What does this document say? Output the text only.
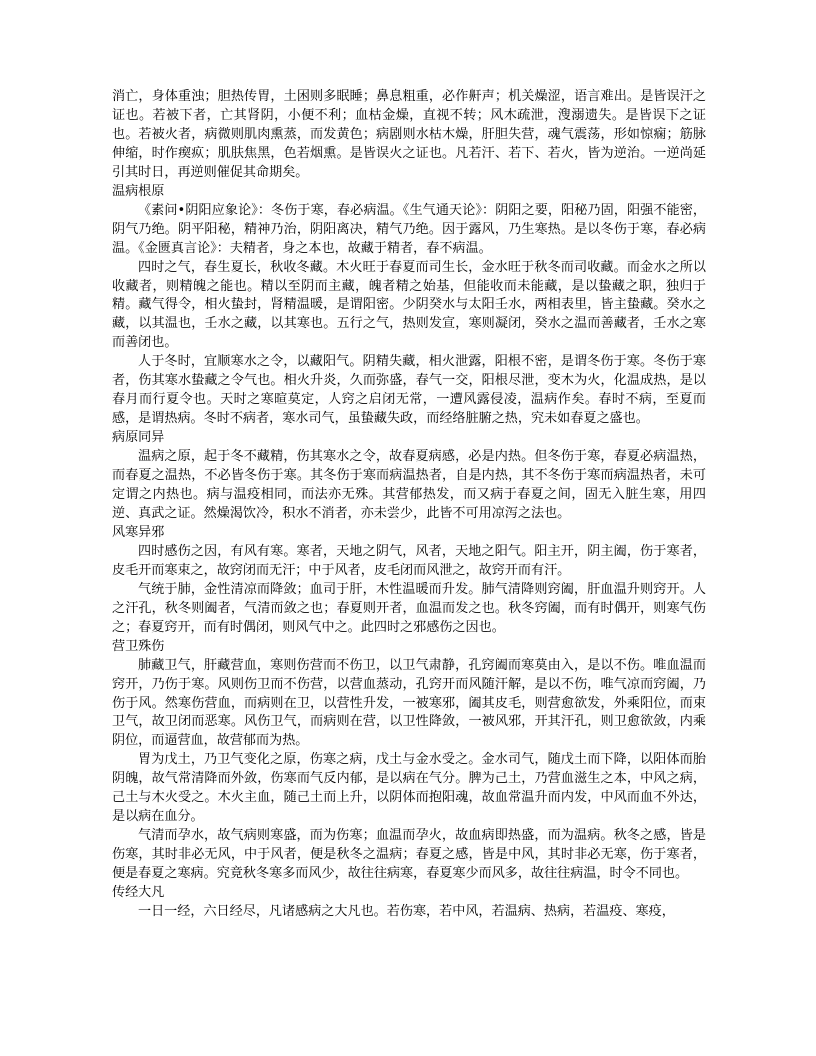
消亡，身体重浊；胆热传胃，土困则多眠睡；鼻息粗重，必作鼾声；机关燥涩，语言难出。是皆误汗之证也。若被下者，亡其肾阴，小便不利；血枯金燥，直视不转；风木疏泄，溲溺遗失。是皆误下之证也。若被火者，病微则肌肉熏蒸，而发黄色；病剧则水枯木燥，肝胆失营，魂气震荡，形如惊痫；筋脉伸缩，时作瘈疭；肌肤焦黑，色若烟熏。是皆误火之证也。凡若汗、若下、若火，皆为逆治。一逆尚延引其时日，再逆则催促其命期矣。

温病根原

《素问•阴阳应象论》：冬伤于寒，春必病温。《生气通天论》：阴阳之要，阳秘乃固，阳强不能密，阴气乃绝。阴平阳秘，精神乃治，阴阳离决，精气乃绝。因于露风，乃生寒热。是以冬伤于寒，春必病温。《金匮真言论》：夫精者，身之本也，故藏于精者，春不病温。

四时之气，春生夏长，秋收冬藏。木火旺于春夏而司生长，金水旺于秋冬而司收藏。而金水之所以收藏者，则精魄之能也。精以至阴而主藏，魄者精之始基，但能收而未能藏，是以蛰藏之职，独归于精。藏气得令，相火蛰封，肾精温暖，是谓阳密。少阴癸水与太阳壬水，两相表里，皆主蛰藏。癸水之藏，以其温也，壬水之藏，以其寒也。五行之气，热则发宣，寒则凝闭，癸水之温而善藏者，壬水之寒而善闭也。

人于冬时，宜顺寒水之令，以藏阳气。阴精失藏，相火泄露，阳根不密，是谓冬伤于寒。冬伤于寒者，伤其寒水蛰藏之令气也。相火升炎，久而弥盛，春气一交，阳根尽泄，变木为火，化温成热，是以春月而行夏令也。天时之寒暄莫定，人窍之启闭无常，一遭风露侵凌，温病作矣。春时不病，至夏而感，是谓热病。冬时不病者，寒水司气，虽蛰藏失政，而经络脏腑之热，究未如春夏之盛也。

病原同异

温病之原，起于冬不藏精，伤其寒水之令，故春夏病感，必是内热。但冬伤于寒，春夏必病温热，而春夏之温热，不必皆冬伤于寒。其冬伤于寒而病温热者，自是内热，其不冬伤于寒而病温热者，未可定谓之内热也。病与温疫相同，而法亦无殊。其营郁热发，而又病于春夏之间，固无入脏生寒，用四逆、真武之证。然燥渴饮冷，积水不消者，亦未尝少，此皆不可用凉泻之法也。

风寒异邪

四时感伤之因，有风有寒。寒者，天地之阴气，风者，天地之阳气。阳主开，阴主阖，伤于寒者，皮毛开而寒束之，故窍闭而无汗；中于风者，皮毛闭而风泄之，故窍开而有汗。

气统于肺，金性清凉而降敛；血司于肝，木性温暖而升发。肺气清降则窍阖，肝血温升则窍开。人之汗孔，秋冬则阖者，气清而敛之也；春夏则开者，血温而发之也。秋冬窍阖，而有时偶开，则寒气伤之；春夏窍开，而有时偶闭，则风气中之。此四时之邪感伤之因也。

营卫殊伤

肺藏卫气，肝藏营血，寒则伤营而不伤卫，以卫气肃静，孔窍阖而寒莫由入，是以不伤。唯血温而窍开，乃伤于寒。风则伤卫而不伤营，以营血蒸动，孔窍开而风随汗解，是以不伤，唯气凉而窍阖，乃伤于风。然寒伤营血，而病则在卫，以营性升发，一被寒邪，阖其皮毛，则营愈欲发，外乘阳位，而束卫气，故卫闭而恶寒。风伤卫气，而病则在营，以卫性降敛，一被风邪，开其汗孔，则卫愈欲敛，内乘阴位，而逼营血，故营郁而为热。

胃为戊土，乃卫气变化之原，伤寒之病，戊土与金水受之。金水司气，随戊土而下降，以阳体而胎阴魄，故气常清降而外敛，伤寒而气反内郁，是以病在气分。脾为己土，乃营血滋生之本，中风之病，己土与木火受之。木火主血，随己土而上升，以阴体而抱阳魂，故血常温升而内发，中风而血不外达，是以病在血分。

气清而孕水，故气病则寒盛，而为伤寒；血温而孕火，故血病即热盛，而为温病。秋冬之感，皆是伤寒，其时非必无风，中于风者，便是秋冬之温病；春夏之感，皆是中风，其时非必无寒，伤于寒者，便是春夏之寒病。究竟秋冬寒多而风少，故往往病寒，春夏寒少而风多，故往往病温，时令不同也。

传经大凡

一日一经，六日经尽，凡诸感病之大凡也。若伤寒，若中风，若温病、热病，若温疫、寒疫，
